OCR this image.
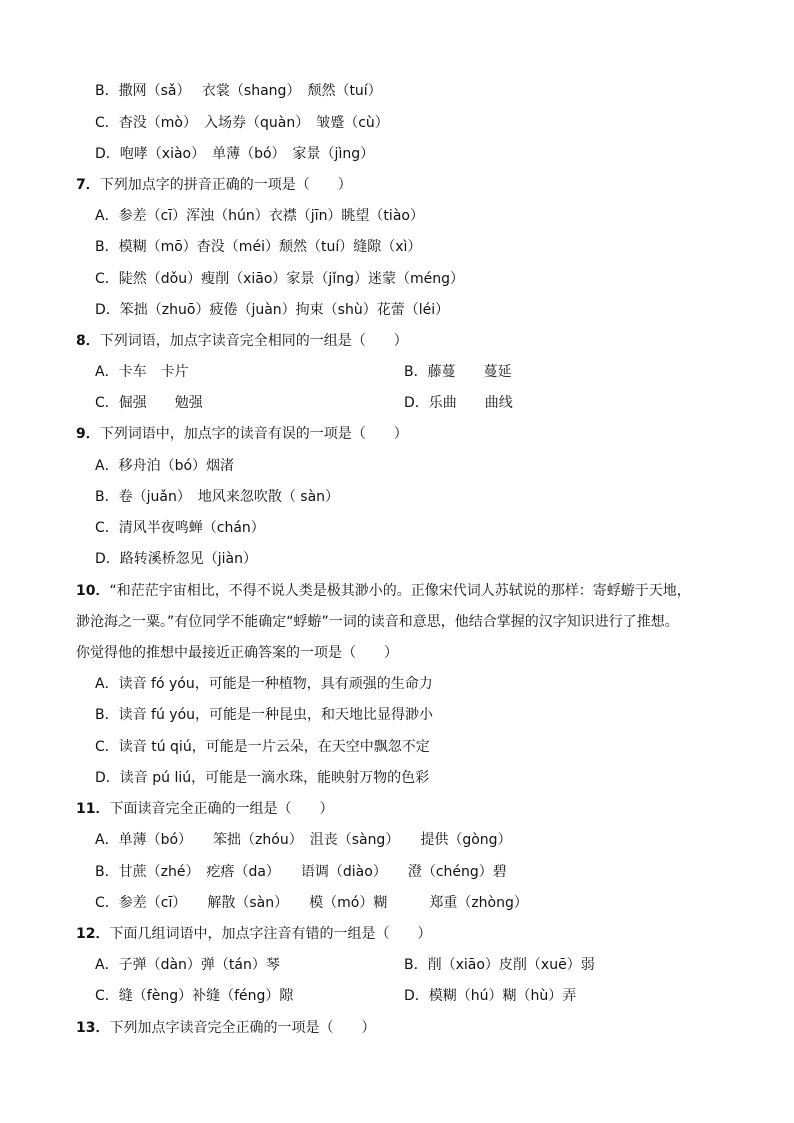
B．撒网（sǎ）　 衣裳（shang）　颓然（tuí）
C．杳没（mò）　入场券（quàn）　皱蹙（cù）
D．咆哮（xiào）　单薄（bó）　家景（jìng）
7．下列加点字的拼音正确的一项是（　　）
A．参差（cī）浑浊（hún）衣襟（jīn）眺望（tiào）
B．模糊（mō）杳没（méi）颓然（tuí）缝隙（xì）
C．陡然（dǒu）瘦削（xiāo）家景（jǐng）迷蒙（méng）
D．笨拙（zhuō）疲倦（juàn）拘束（shù）花蕾（léi）
8．下列词语，加点字读音完全相同的一组是（　　）
A．卡车　卡片	B．藤蔓　　蔓延
C．倔强　　勉强	D．乐曲　　曲线
9．下列词语中，加点字的读音有误的一项是（　　）
A．移舟泊（bó）烟渚
B．卷（juǎn）　地风来忽吹散（ sàn）
C．清风半夜鸣蝉（chán）
D．路转溪桥忽见（jiàn）
10．“和茫茫宇宙相比，不得不说人类是极其渺小的。正像宋代词人苏轼说的那样：寄蜉蝣于天地，
渺沧海之一粟。”有位同学不能确定“蜉蝣”一词的读音和意思，他结合掌握的汉字知识进行了推想。
你觉得他的推想中最接近正确答案的一项是（　　）
A．读音 fó yóu，可能是一种植物，具有顽强的生命力
B．读音 fú yóu，可能是一种昆虫，和天地比显得渺小
C．读音 tú qiú，可能是一片云朵，在天空中飘忽不定
D．读音 pú liú，可能是一滴水珠，能映射万物的色彩
11．下面读音完全正确的一组是（　　）
A．单薄（bó）　　笨拙（zhóu）　沮丧（sàng）　　提供（gòng）
B．甘蔗（zhé）　疙瘩（da）　　语调（diào）　　澄（chéng）碧
C．参差（cī）　　解散（sàn）　　模（mó）糊　　　郑重（zhòng）
12．下面几组词语中，加点字注音有错的一组是（　　）
A．子弹（dàn）弹（tán）琴	B．削（xiāo）皮削（xuē）弱
C．缝（fèng）补缝（féng）隙	D．模糊（hú）糊（hù）弄
13．下列加点字读音完全正确的一项是（　　）
